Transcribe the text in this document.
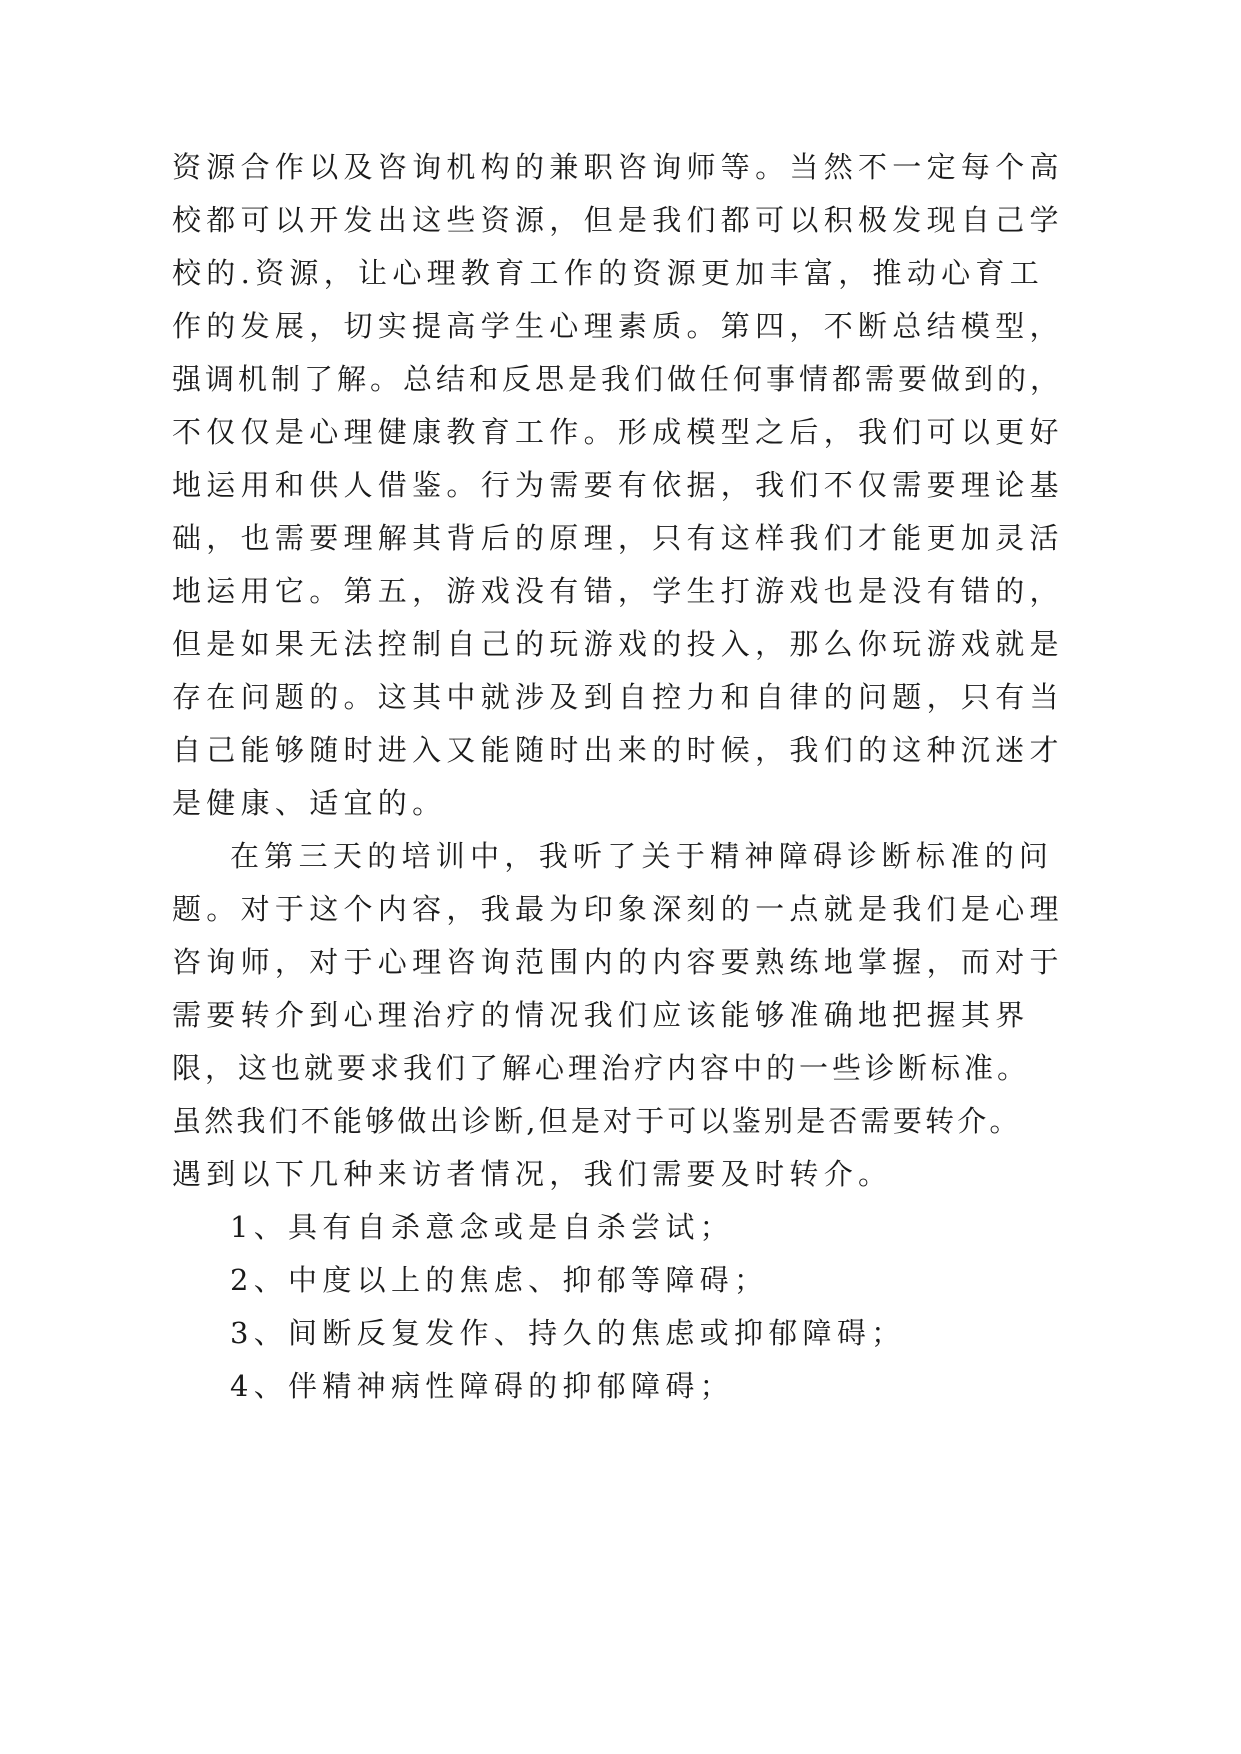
资源合作以及咨询机构的兼职咨询师等。当然不一定每个高
校都可以开发出这些资源，但是我们都可以积极发现自己学
校的.资源，让心理教育工作的资源更加丰富，推动心育工
作的发展，切实提高学生心理素质。第四，不断总结模型，
强调机制了解。总结和反思是我们做任何事情都需要做到的，
不仅仅是心理健康教育工作。形成模型之后，我们可以更好
地运用和供人借鉴。行为需要有依据，我们不仅需要理论基
础，也需要理解其背后的原理，只有这样我们才能更加灵活
地运用它。第五，游戏没有错，学生打游戏也是没有错的，
但是如果无法控制自己的玩游戏的投入，那么你玩游戏就是
存在问题的。这其中就涉及到自控力和自律的问题，只有当
自己能够随时进入又能随时出来的时候，我们的这种沉迷才
是健康、适宜的。
在第三天的培训中，我听了关于精神障碍诊断标准的问
题。对于这个内容，我最为印象深刻的一点就是我们是心理
咨询师，对于心理咨询范围内的内容要熟练地掌握，而对于
需要转介到心理治疗的情况我们应该能够准确地把握其界
限，这也就要求我们了解心理治疗内容中的一些诊断标准。
虽然我们不能够做出诊断,但是对于可以鉴别是否需要转介。
遇到以下几种来访者情况，我们需要及时转介。
1、具有自杀意念或是自杀尝试；
2、中度以上的焦虑、抑郁等障碍；
3、间断反复发作、持久的焦虑或抑郁障碍；
4、伴精神病性障碍的抑郁障碍；
